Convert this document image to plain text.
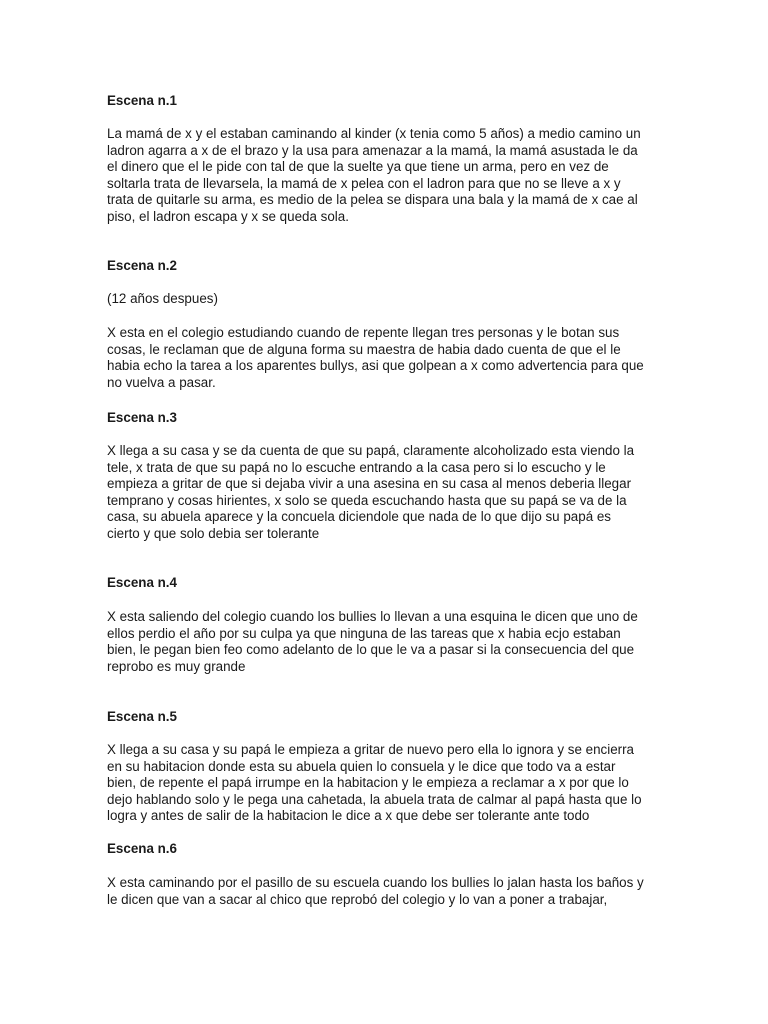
Escena n.1

La mamá de x y el estaban caminando al kinder (x tenia como 5 años) a medio camino un
ladron agarra a x de el brazo y la usa para amenazar a la mamá, la mamá asustada le da
el dinero que el le pide con tal de que la suelte ya que tiene un arma, pero en vez de
soltarla trata de llevarsela, la mamá de x pelea con el ladron para que no se lleve a x y
trata de quitarle su arma, es medio de la pelea se dispara una bala y la mamá de x cae al
piso, el ladron escapa y x se queda sola.

Escena n.2

(12 años despues)

X esta en el colegio estudiando cuando de repente llegan tres personas y le botan sus
cosas, le reclaman que de alguna forma su maestra de habia dado cuenta de que el le
habia echo la tarea a los aparentes bullys, asi que golpean a x como advertencia para que
no vuelva a pasar.

Escena n.3

X llega a su casa y se da cuenta de que su papá, claramente alcoholizado esta viendo la
tele, x trata de que su papá no lo escuche entrando a la casa pero si lo escucho y le
empieza a gritar de que si dejaba vivir a una asesina en su casa al menos deberia llegar
temprano y cosas hirientes, x solo se queda escuchando hasta que su papá se va de la
casa, su abuela aparece y la concuela diciendole que nada de lo que dijo su papá es
cierto y que solo debia ser tolerante

Escena n.4

X esta saliendo del colegio cuando los bullies lo llevan a una esquina le dicen que uno de
ellos perdio el año por su culpa ya que ninguna de las tareas que x habia ecjo estaban
bien, le pegan bien feo como adelanto de lo que le va a pasar si la consecuencia del que
reprobo es muy grande

Escena n.5

X llega a su casa y su papá le empieza a gritar de nuevo pero ella lo ignora y se encierra
en su habitacion donde esta su abuela quien lo consuela y le dice que todo va a estar
bien, de repente el papá irrumpe en la habitacion y le empieza a reclamar a x por que lo
dejo hablando solo y le pega una cahetada, la abuela trata de calmar al papá hasta que lo
logra y antes de salir de la habitacion le dice a x que debe ser tolerante ante todo

Escena n.6

X esta caminando por el pasillo de su escuela cuando los bullies lo jalan hasta los baños y
le dicen que van a sacar al chico que reprobó del colegio y lo van a poner a trabajar,
